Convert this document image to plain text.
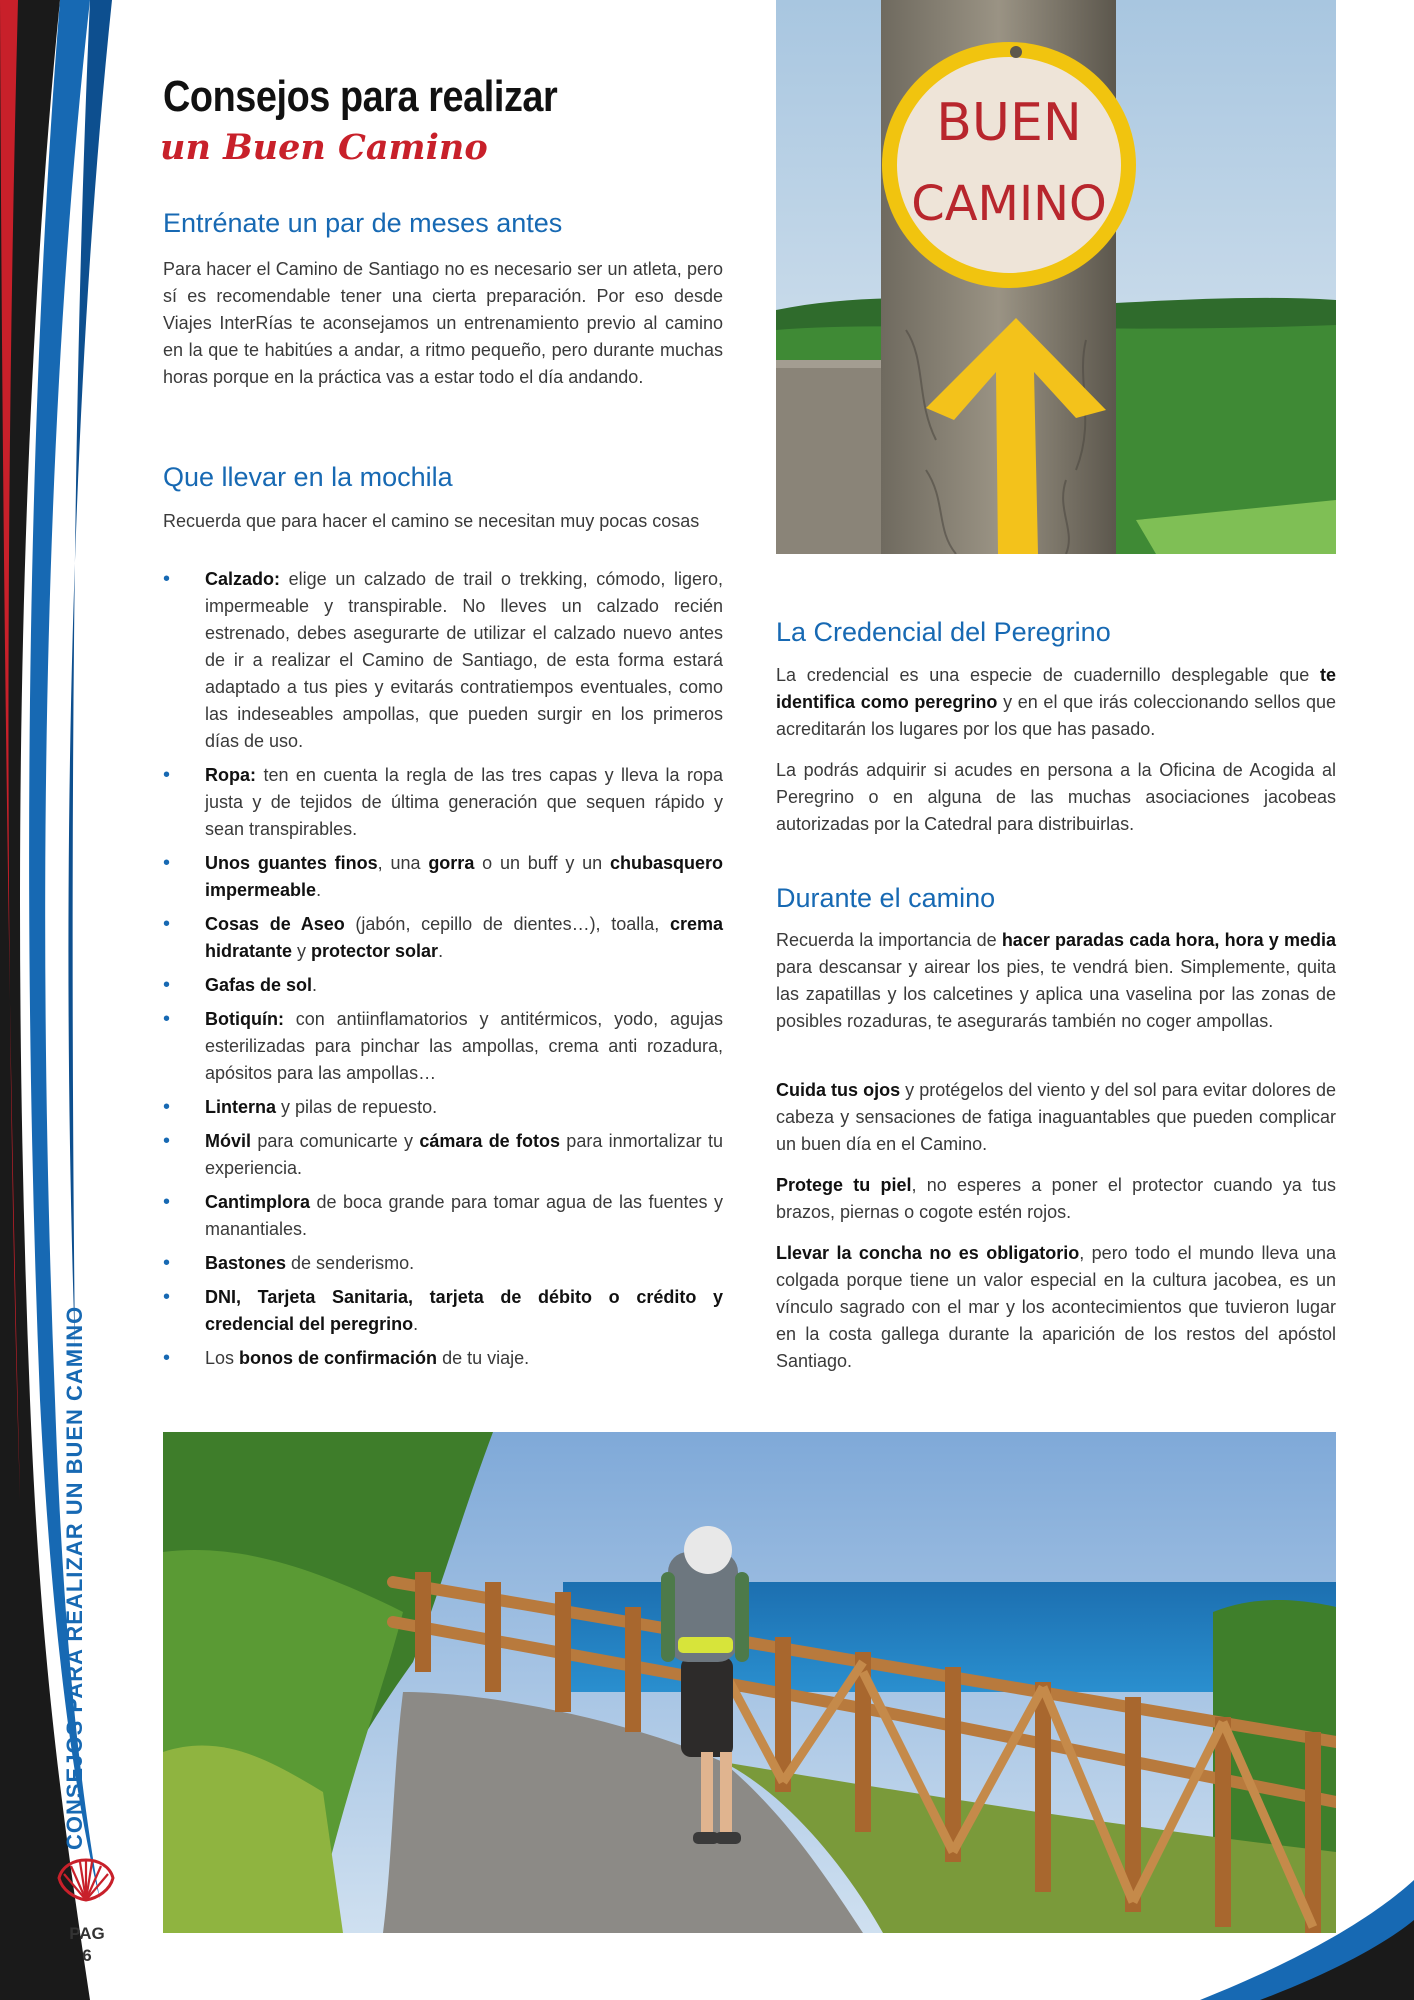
CONSEJOS PARA REALIZAR UN BUEN CAMINO
PAG
6
Consejos para realizar
un Buen Camino
Entrénate un par de meses antes

Para hacer el Camino de Santiago no es necesario ser un atleta, pero sí es recomendable tener una cierta preparación. Por eso desde Viajes InterRías te aconsejamos un entrenamiento previo al camino en la que te habitúes a andar, a ritmo pequeño, pero durante muchas horas porque en la práctica vas a estar todo el día andando.

Que llevar en la mochila

Recuerda que para hacer el camino se necesitan muy pocas cosas

• Calzado: elige un calzado de trail o trekking, cómodo, ligero, impermeable y transpirable. No lleves un calzado recién estrenado, debes asegurarte de utilizar el calzado nuevo antes de ir a realizar el Camino de Santiago, de esta forma estará adaptado a tus pies y evitarás contratiempos eventuales, como las indeseables ampollas, que pueden surgir en los primeros días de uso.
• Ropa: ten en cuenta la regla de las tres capas y lleva la ropa justa y de tejidos de última generación que sequen rápido y sean transpirables.
• Unos guantes finos, una gorra o un buff y un chubasquero impermeable.
• Cosas de Aseo (jabón, cepillo de dientes…), toalla, crema hidratante y protector solar.
• Gafas de sol.
• Botiquín: con antiinflamatorios y antitérmicos, yodo, agujas esterilizadas para pinchar las ampollas, crema anti rozadura, apósitos para las ampollas…
• Linterna y pilas de repuesto.
• Móvil para comunicarte y cámara de fotos para inmortalizar tu experiencia.
• Cantimplora de boca grande para tomar agua de las fuentes y manantiales.
• Bastones de senderismo.
• DNI, Tarjeta Sanitaria, tarjeta de débito o crédito y credencial del peregrino.
• Los bonos de confirmación de tu viaje.
BUEN
CAMINO
La Credencial del Peregrino

La credencial es una especie de cuadernillo desplegable que te identifica como peregrino y en el que irás coleccionando sellos que acreditarán los lugares por los que has pasado.

La podrás adquirir si acudes en persona a la Oficina de Acogida al Peregrino o en alguna de las muchas asociaciones jacobeas autorizadas por la Catedral para distribuirlas.

Durante el camino

Recuerda la importancia de hacer paradas cada hora, hora y media para descansar y airear los pies, te vendrá bien. Simplemente, quita las zapatillas y los calcetines y aplica una vaselina por las zonas de posibles rozaduras, te asegurarás también no coger ampollas.

Cuida tus ojos y protégelos del viento y del sol para evitar dolores de cabeza y sensaciones de fatiga inaguantables que pueden complicar un buen día en el Camino.

Protege tu piel, no esperes a poner el protector cuando ya tus brazos, piernas o cogote estén rojos.

Llevar la concha no es obligatorio, pero todo el mundo lleva una colgada porque tiene un valor especial en la cultura jacobea, es un vínculo sagrado con el mar y los acontecimientos que tuvieron lugar en la costa gallega durante la aparición de los restos del apóstol Santiago.
